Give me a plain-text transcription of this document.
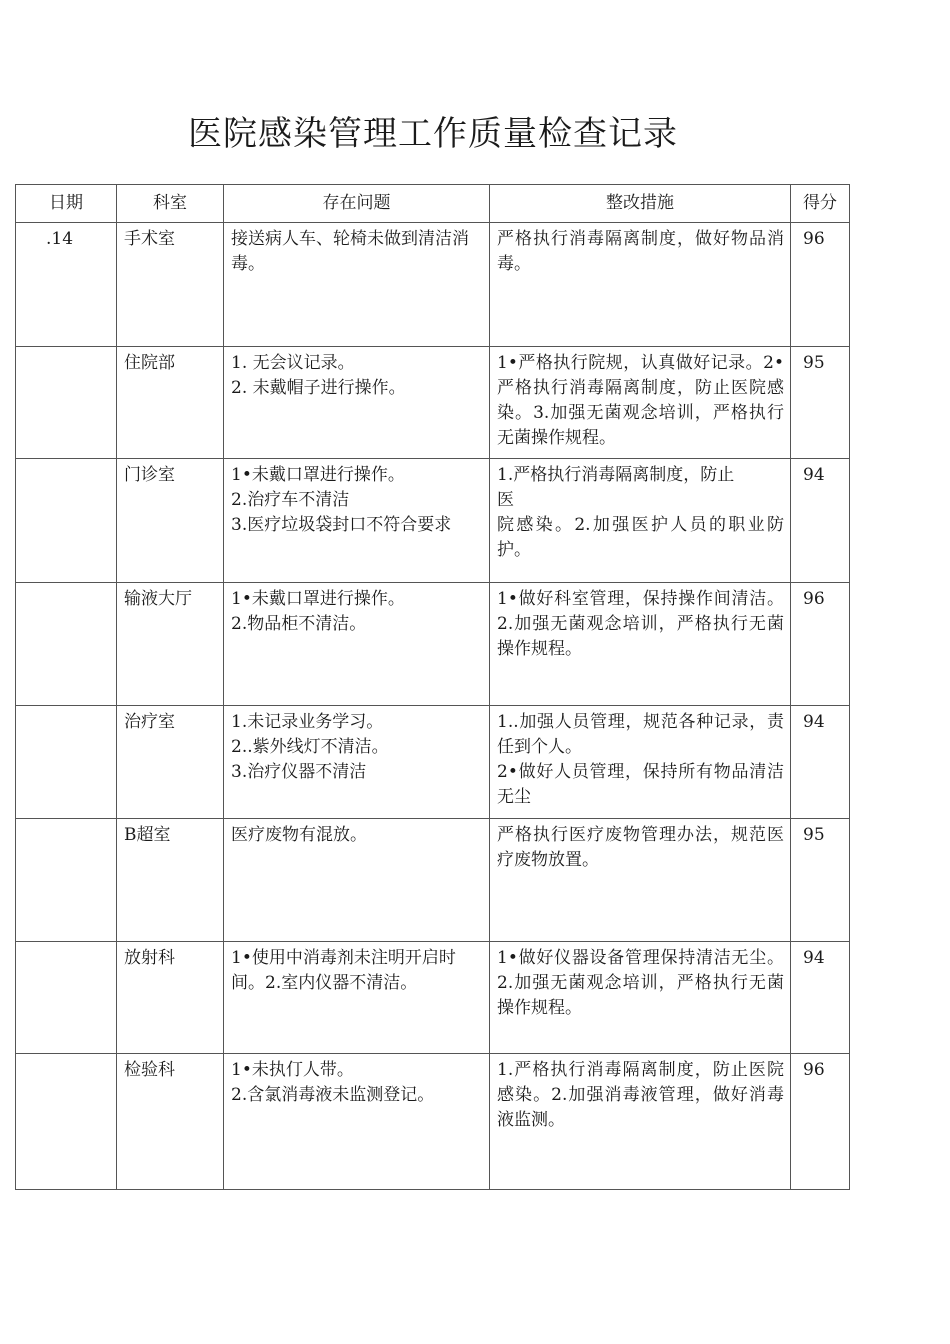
医院感染管理工作质量检查记录
日期	科室	存在问题	整改措施	得分

.14	手术室	接送病人车、轮椅未做到清洁消毒。	严格执行消毒隔离制度，做好物品消毒。	96

	住院部	1. 无会议记录。
2. 未戴帽子进行操作。	1•严格执行院规，认真做好记录。2•严格执行消毒隔离制度，防止医院感染。3.加强无菌观念培训，严格执行无菌操作规程。	95

	门诊室	1•未戴口罩进行操作。
2.治疗车不清洁
3.医疗垃圾袋封口不符合要求	1.严格执行消毒隔离制度，防止
医
院感染。2.加强医护人员的职业防护。	94

	输液大厅	1•未戴口罩进行操作。
2.物品柜不清洁。	1•做好科室管理，保持操作间清洁。2.加强无菌观念培训，严格执行无菌操作规程。	96

	治疗室	1.未记录业务学习。
2..紫外线灯不清洁。
3.治疗仪器不清洁	1..加强人员管理，规范各种记录，责任到个人。
2•做好人员管理，保持所有物品清洁无尘	94

	B超室	医疗废物有混放。	严格执行医疗废物管理办法，规范医疗废物放置。	95

	放射科	1•使用中消毒剂未注明开启时间。2.室内仪器不清洁。	1•做好仪器设备管理保持清洁无尘。2.加强无菌观念培训，严格执行无菌操作规程。	94

	检验科	1•未执仃人带。
2.含氯消毒液未监测登记。	1.严格执行消毒隔离制度，防止医院感染。2.加强消毒液管理，做好消毒液监测。	96
